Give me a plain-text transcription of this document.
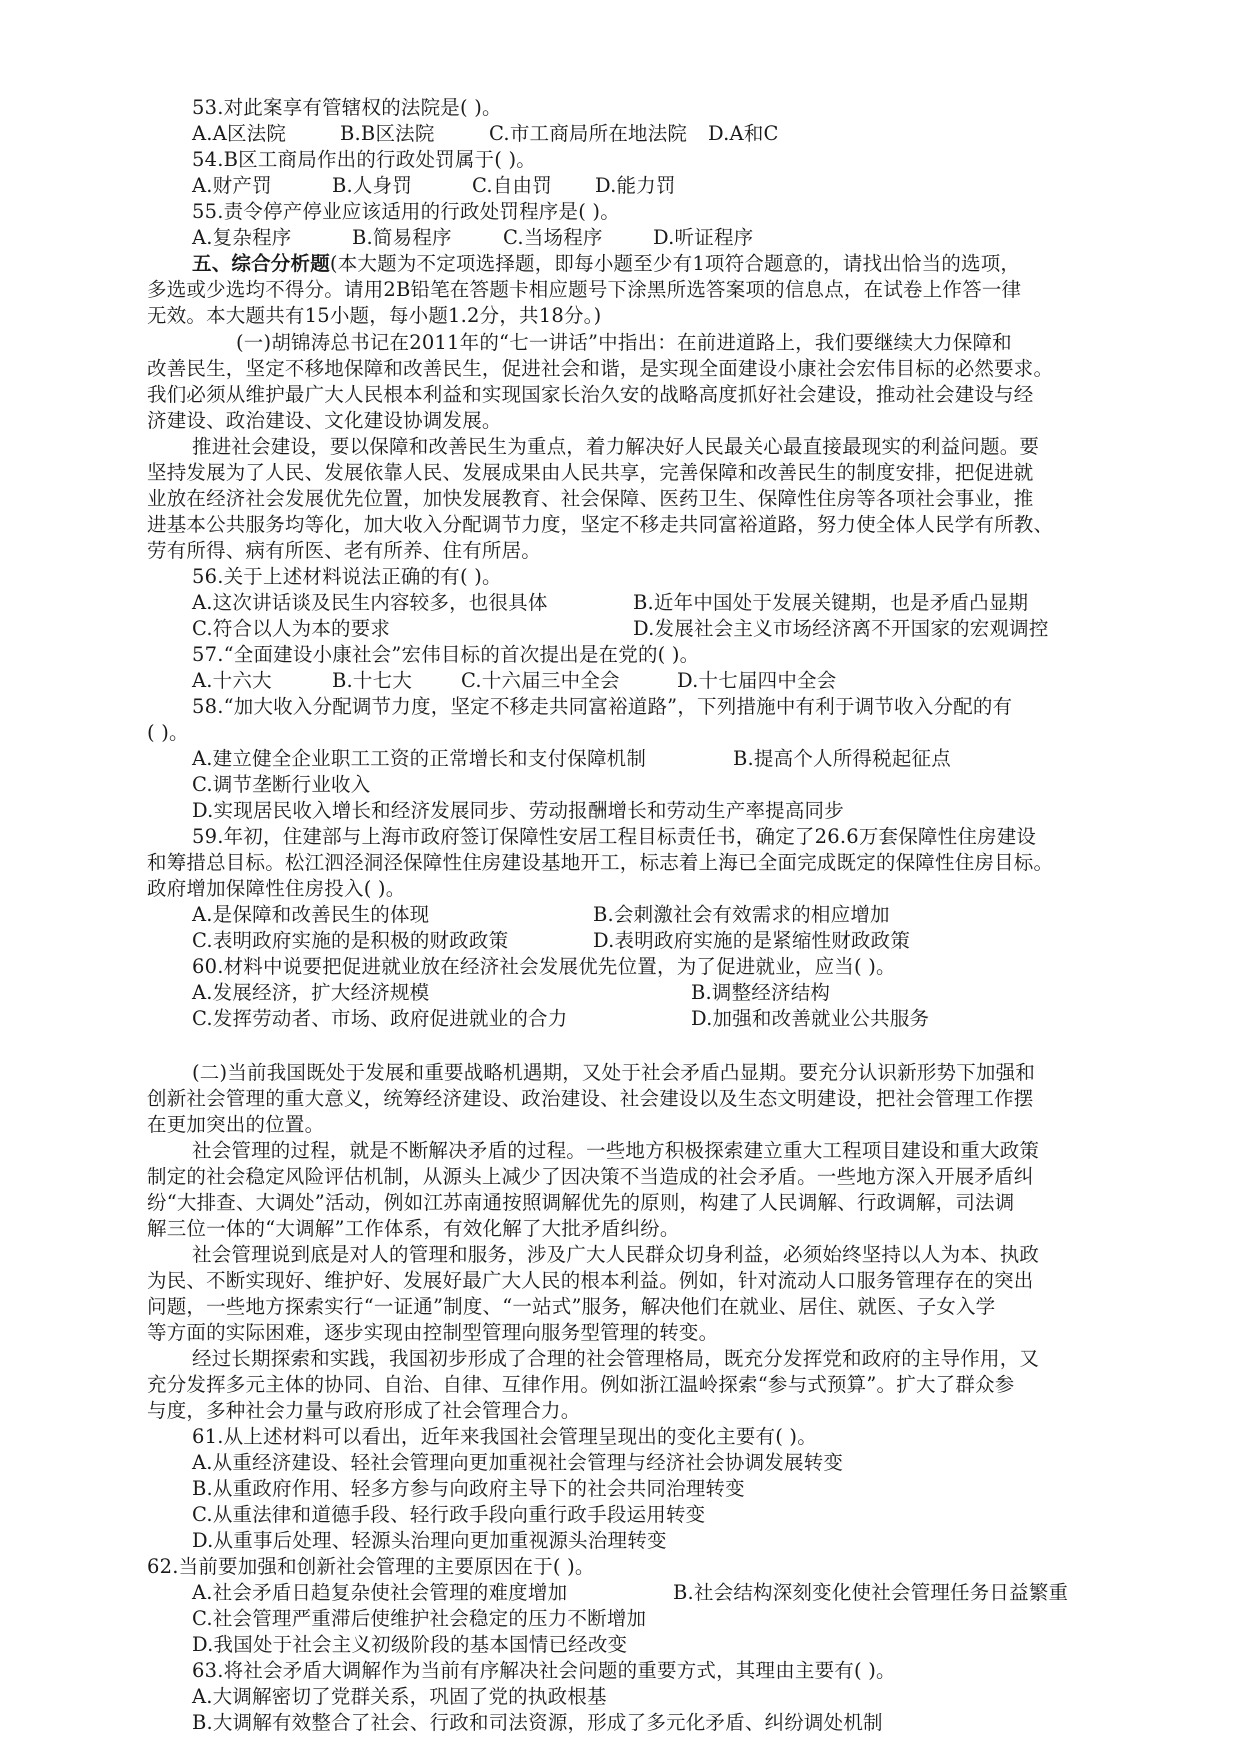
53.对此案享有管辖权的法院是( )。
A.A区法院	B.B区法院	C.市工商局所在地法院 D.A和C
54.B区工商局作出的行政处罚属于( )。
A.财产罚	B.人身罚	C.自由罚 D.能力罚
55.责令停产停业应该适用的行政处罚程序是( )。
A.复杂程序	B.简易程序	C.当场程序	D.听证程序
五、综合分析题(本大题为不定项选择题，即每小题至少有1项符合题意的，请找出恰当的选项，
多选或少选均不得分。请用2B铅笔在答题卡相应题号下涂黑所选答案项的信息点，在试卷上作答一律
无效。本大题共有15小题，每小题1.2分，共18分。)
(一)胡锦涛总书记在2011年的“七一讲话”中指出：在前进道路上，我们要继续大力保障和
改善民生，坚定不移地保障和改善民生，促进社会和谐，是实现全面建设小康社会宏伟目标的必然要求。
我们必须从维护最广大人民根本利益和实现国家长治久安的战略高度抓好社会建设，推动社会建设与经
济建设、政治建设、文化建设协调发展。
推进社会建设，要以保障和改善民生为重点，着力解决好人民最关心最直接最现实的利益问题。要
坚持发展为了人民、发展依靠人民、发展成果由人民共享，完善保障和改善民生的制度安排，把促进就
业放在经济社会发展优先位置，加快发展教育、社会保障、医药卫生、保障性住房等各项社会事业，推
进基本公共服务均等化，加大收入分配调节力度，坚定不移走共同富裕道路，努力使全体人民学有所教、
劳有所得、病有所医、老有所养、住有所居。
56.关于上述材料说法正确的有( )。
A.这次讲话谈及民生内容较多，也很具体	B.近年中国处于发展关键期，也是矛盾凸显期
C.符合以人为本的要求	D.发展社会主义市场经济离不开国家的宏观调控
57.“全面建设小康社会”宏伟目标的首次提出是在党的( )。
A.十六大	B.十七大	C.十六届三中全会	D.十七届四中全会
58.“加大收入分配调节力度，坚定不移走共同富裕道路”，下列措施中有利于调节收入分配的有
( )。
A.建立健全企业职工工资的正常增长和支付保障机制	B.提高个人所得税起征点
C.调节垄断行业收入
D.实现居民收入增长和经济发展同步、劳动报酬增长和劳动生产率提高同步
59.年初，住建部与上海市政府签订保障性安居工程目标责任书，确定了26.6万套保障性住房建设
和筹措总目标。松江泗泾洞泾保障性住房建设基地开工，标志着上海已全面完成既定的保障性住房目标。
政府增加保障性住房投入( )。
A.是保障和改善民生的体现	B.会刺激社会有效需求的相应增加
C.表明政府实施的是积极的财政政策	D.表明政府实施的是紧缩性财政政策
60.材料中说要把促进就业放在经济社会发展优先位置，为了促进就业，应当( )。
A.发展经济，扩大经济规模	B.调整经济结构
C.发挥劳动者、市场、政府促进就业的合力	D.加强和改善就业公共服务
(二)当前我国既处于发展和重要战略机遇期，又处于社会矛盾凸显期。要充分认识新形势下加强和
创新社会管理的重大意义，统筹经济建设、政治建设、社会建设以及生态文明建设，把社会管理工作摆
在更加突出的位置。
社会管理的过程，就是不断解决矛盾的过程。一些地方积极探索建立重大工程项目建设和重大政策
制定的社会稳定风险评估机制，从源头上减少了因决策不当造成的社会矛盾。一些地方深入开展矛盾纠
纷“大排查、大调处”活动，例如江苏南通按照调解优先的原则，构建了人民调解、行政调解，司法调
解三位一体的“大调解”工作体系，有效化解了大批矛盾纠纷。
社会管理说到底是对人的管理和服务，涉及广大人民群众切身利益，必须始终坚持以人为本、执政
为民、不断实现好、维护好、发展好最广大人民的根本利益。例如，针对流动人口服务管理存在的突出
问题，一些地方探索实行“一证通”制度、“一站式”服务，解决他们在就业、居住、就医、子女入学
等方面的实际困难，逐步实现由控制型管理向服务型管理的转变。
经过长期探索和实践，我国初步形成了合理的社会管理格局，既充分发挥党和政府的主导作用，又
充分发挥多元主体的协同、自治、自律、互律作用。例如浙江温岭探索“参与式预算”。扩大了群众参
与度，多种社会力量与政府形成了社会管理合力。
61.从上述材料可以看出，近年来我国社会管理呈现出的变化主要有( )。
A.从重经济建设、轻社会管理向更加重视社会管理与经济社会协调发展转变
B.从重政府作用、轻多方参与向政府主导下的社会共同治理转变
C.从重法律和道德手段、轻行政手段向重行政手段运用转变
D.从重事后处理、轻源头治理向更加重视源头治理转变
62.当前要加强和创新社会管理的主要原因在于( )。
A.社会矛盾日趋复杂使社会管理的难度增加	B.社会结构深刻变化使社会管理任务日益繁重
C.社会管理严重滞后使维护社会稳定的压力不断增加
D.我国处于社会主义初级阶段的基本国情已经改变
63.将社会矛盾大调解作为当前有序解决社会问题的重要方式，其理由主要有( )。
A.大调解密切了党群关系，巩固了党的执政根基
B.大调解有效整合了社会、行政和司法资源，形成了多元化矛盾、纠纷调处机制
